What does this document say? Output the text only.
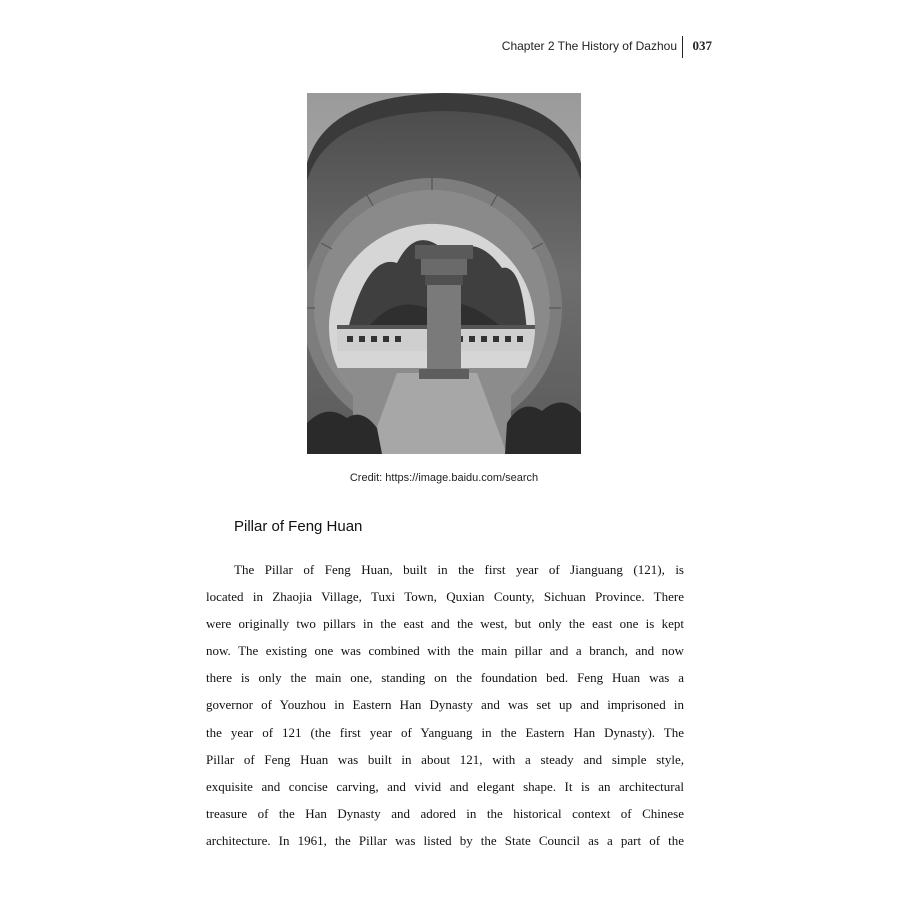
Chapter 2 The History of Dazhou 037
Credit: https://image.baidu.com/search
Pillar of Feng Huan
The Pillar of Feng Huan, built in the first year of Jianguang (121), is
located in Zhaojia Village, Tuxi Town, Quxian County, Sichuan Province. There
were originally two pillars in the east and the west, but only the east one is kept
now. The existing one was combined with the main pillar and a branch, and now
there is only the main one, standing on the foundation bed. Feng Huan was a
governor of Youzhou in Eastern Han Dynasty and was set up and imprisoned in
the year of 121 (the first year of Yanguang in the Eastern Han Dynasty). The
Pillar of Feng Huan was built in about 121, with a steady and simple style,
exquisite and concise carving, and vivid and elegant shape. It is an architectural
treasure of the Han Dynasty and adored in the historical context of Chinese
architecture. In 1961, the Pillar was listed by the State Council as a part of the
